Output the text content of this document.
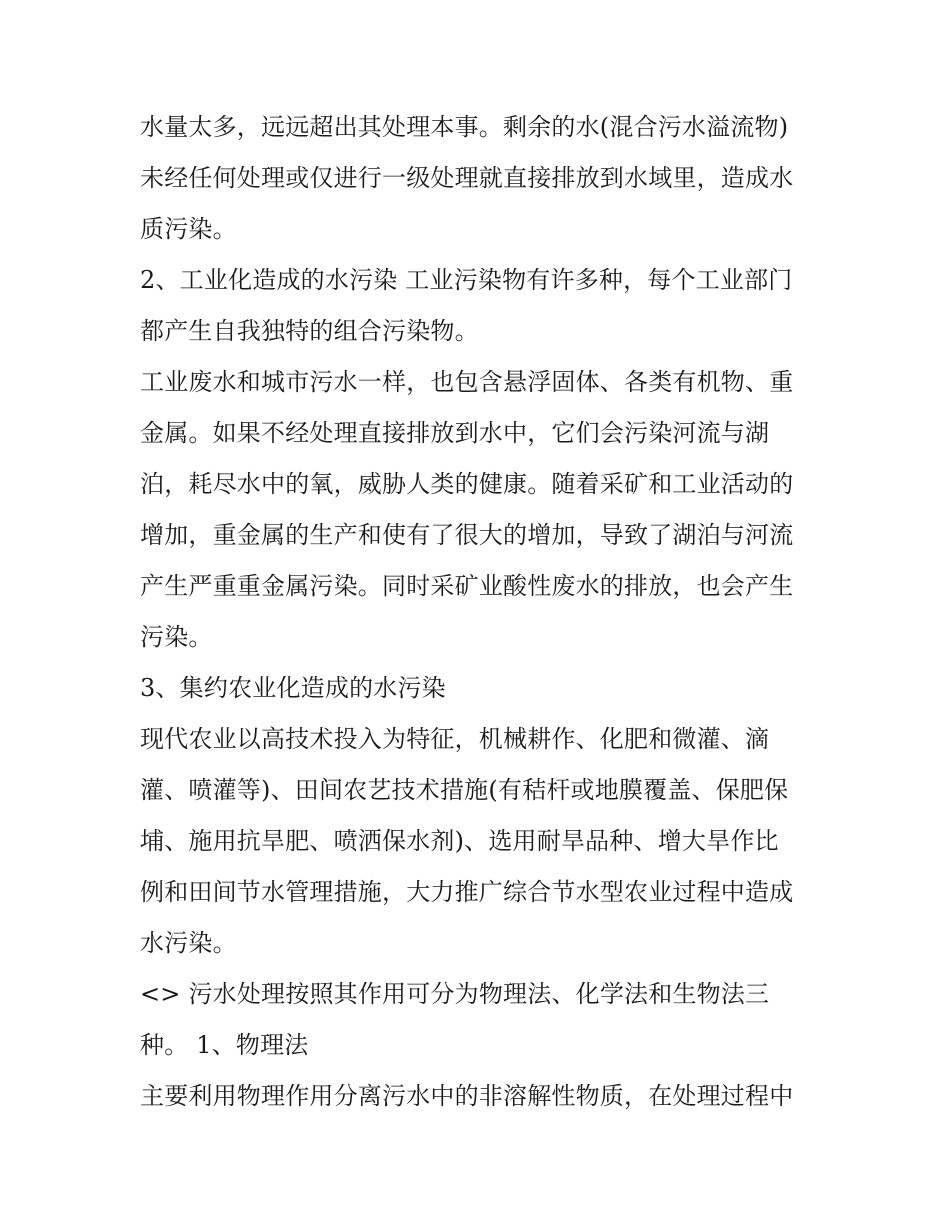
水量太多，远远超出其处理本事。剩余的水(混合污水溢流物)
未经任何处理或仅进行一级处理就直接排放到水域里，造成水
质污染。
2、工业化造成的水污染 工业污染物有许多种，每个工业部门
都产生自我独特的组合污染物。
工业废水和城市污水一样，也包含悬浮固体、各类有机物、重
金属。如果不经处理直接排放到水中，它们会污染河流与湖
泊，耗尽水中的氧，威胁人类的健康。随着采矿和工业活动的
增加，重金属的生产和使有了很大的增加，导致了湖泊与河流
产生严重重金属污染。同时采矿业酸性废水的排放，也会产生
污染。
3、集约农业化造成的水污染
现代农业以高技术投入为特征，机械耕作、化肥和微灌、滴
灌、喷灌等)、田间农艺技术措施(有秸杆或地膜覆盖、保肥保
埔、施用抗旱肥、喷洒保水剂)、选用耐旱品种、增大旱作比
例和田间节水管理措施，大力推广综合节水型农业过程中造成
水污染。
<> 污水处理按照其作用可分为物理法、化学法和生物法三
种。 1、物理法
主要利用物理作用分离污水中的非溶解性物质，在处理过程中
